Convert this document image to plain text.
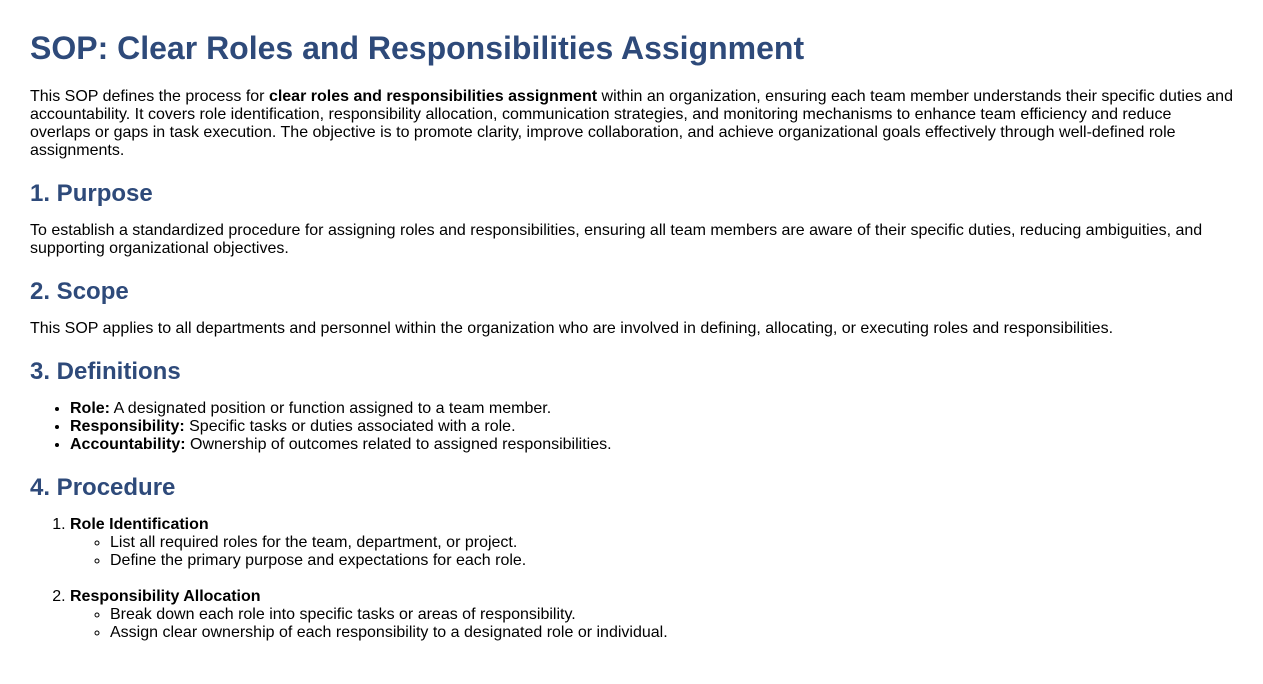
SOP: Clear Roles and Responsibilities Assignment

This SOP defines the process for clear roles and responsibilities assignment within an organization, ensuring each team member understands their specific duties and accountability. It covers role identification, responsibility allocation, communication strategies, and monitoring mechanisms to enhance team efficiency and reduce overlaps or gaps in task execution. The objective is to promote clarity, improve collaboration, and achieve organizational goals effectively through well-defined role assignments.

1. Purpose

To establish a standardized procedure for assigning roles and responsibilities, ensuring all team members are aware of their specific duties, reducing ambiguities, and supporting organizational objectives.

2. Scope

This SOP applies to all departments and personnel within the organization who are involved in defining, allocating, or executing roles and responsibilities.

3. Definitions
• Role: A designated position or function assigned to a team member.
• Responsibility: Specific tasks or duties associated with a role.
• Accountability: Ownership of outcomes related to assigned responsibilities.
4. Procedure
1. Role Identification
◦ List all required roles for the team, department, or project.
◦ Define the primary purpose and expectations for each role.
2. Responsibility Allocation
◦ Break down each role into specific tasks or areas of responsibility.
◦ Assign clear ownership of each responsibility to a designated role or individual.
